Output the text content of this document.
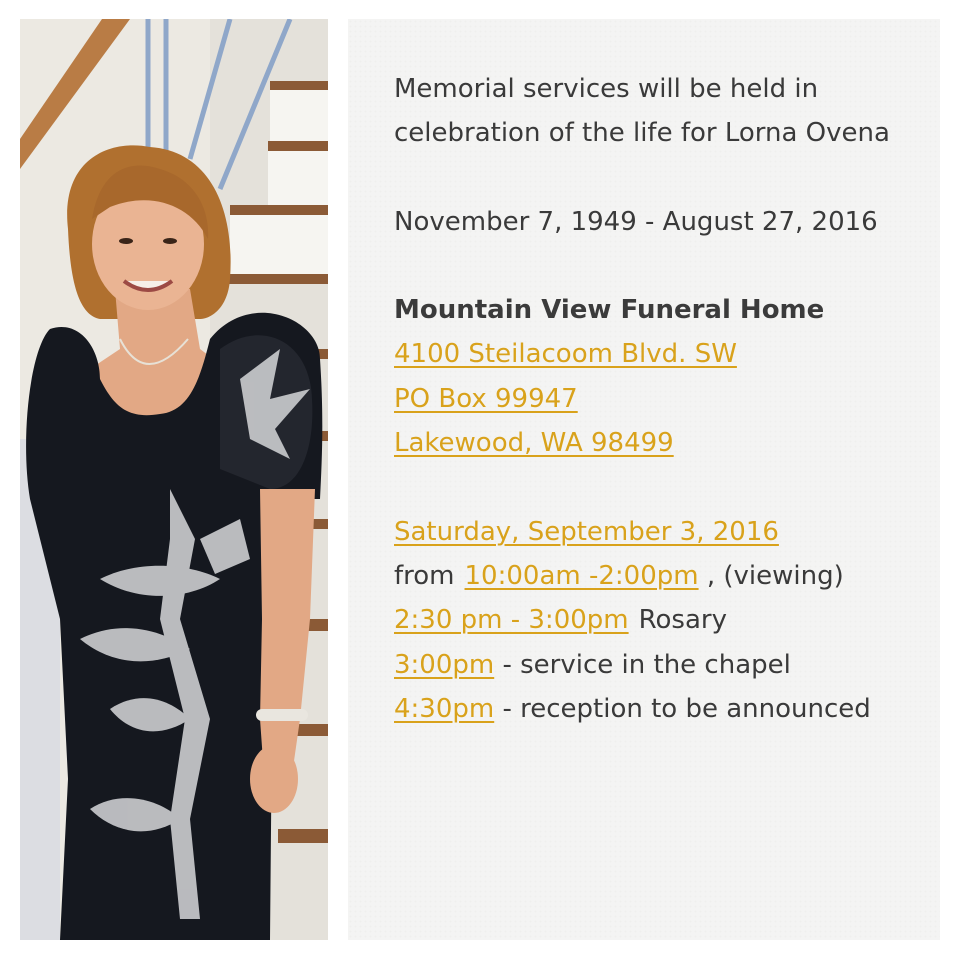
Memorial services will be held in

celebration of the life for Lorna Ovena

November 7, 1949 - August 27, 2016

Mountain View Funeral Home

4100 Steilacoom Blvd. SW

PO Box 99947

Lakewood, WA 98499

Saturday, September 3, 2016

from 10:00am -2:00pm , (viewing)

2:30 pm - 3:00pm Rosary

3:00pm - service in the chapel

4:30pm - reception to be announced
